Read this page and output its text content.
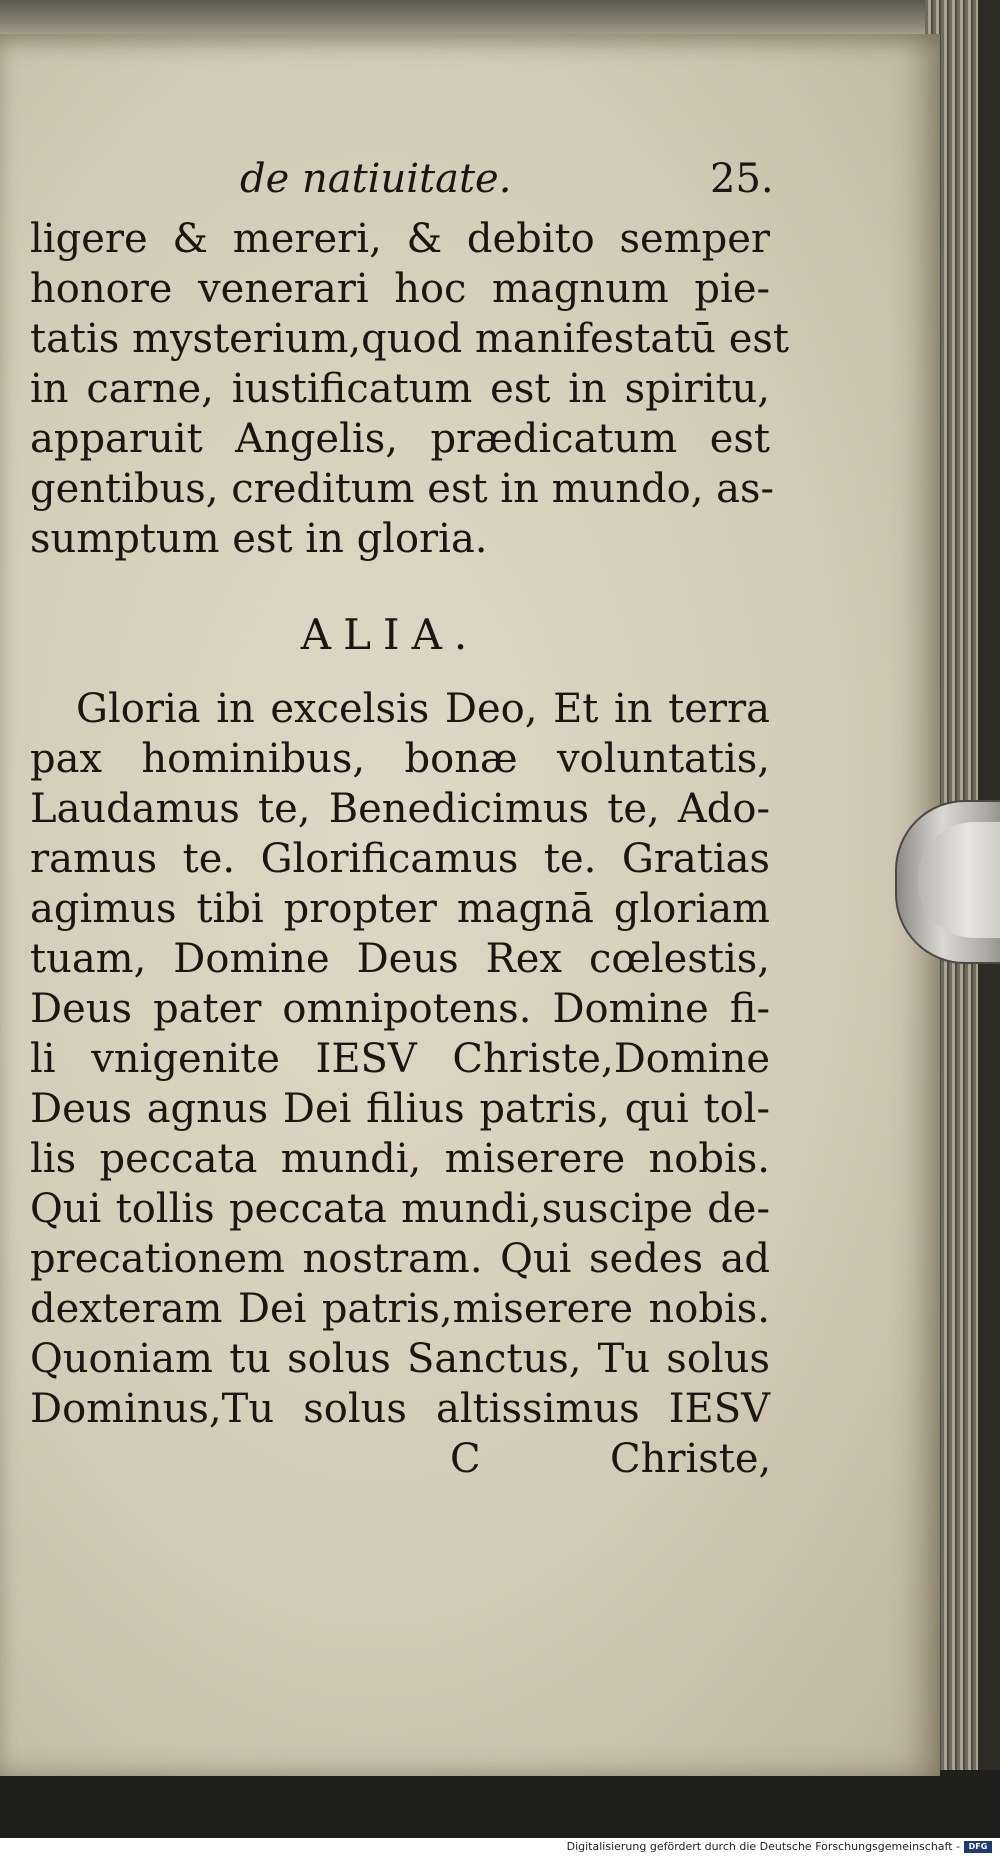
de natiuitate.	25.
ligere & mereri, & debito semper
honore venerari hoc magnum pie-
tatis mysterium,quod manifestatū est
in carne, iustificatum est in spiritu,
apparuit Angelis, prædicatum est
gentibus, creditum est in mundo, as-
sumptum est in gloria.
ALIA.
Gloria in excelsis Deo, Et in terra
pax hominibus, bonæ voluntatis,
Laudamus te, Benedicimus te, Ado-
ramus te. Glorificamus te. Gratias
agimus tibi propter magnā gloriam
tuam, Domine Deus Rex cœlestis,
Deus pater omnipotens. Domine fi-
li vnigenite IESV Christe,Domine
Deus agnus Dei filius patris, qui tol-
lis peccata mundi, miserere nobis.
Qui tollis peccata mundi,suscipe de-
precationem nostram. Qui sedes ad
dexteram Dei patris,miserere nobis.
Quoniam tu solus Sanctus, Tu solus
Dominus,Tu solus altissimus IESV
C	Christe,
Digitalisierung gefördert durch die Deutsche Forschungsgemeinschaft -	DFG
